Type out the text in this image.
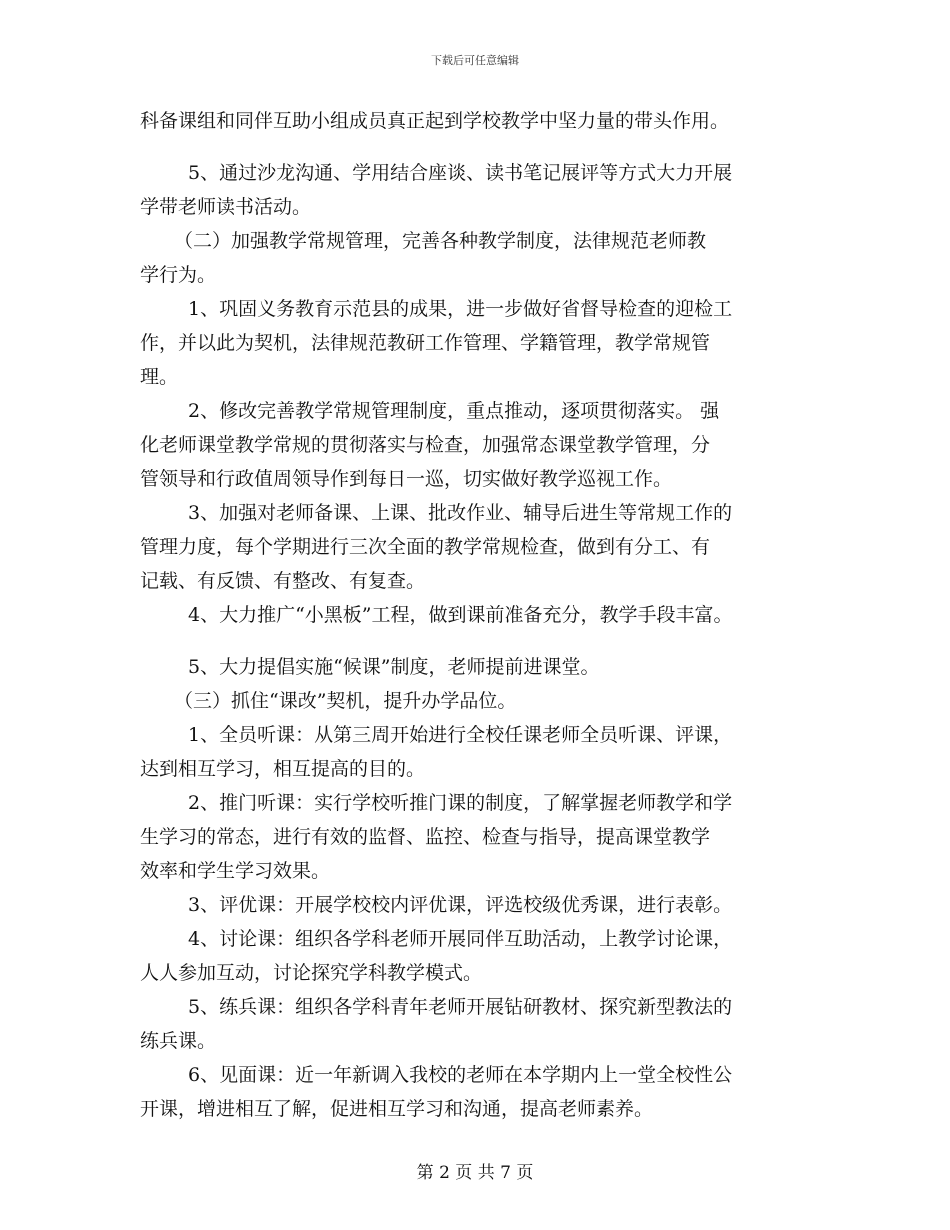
下载后可任意编辑
科备课组和同伴互助小组成员真正起到学校教学中坚力量的带头作用。
5、通过沙龙沟通、学用结合座谈、读书笔记展评等方式大力开展
学带老师读书活动。
（二）加强教学常规管理，完善各种教学制度，法律规范老师教
学行为。
1、巩固义务教育示范县的成果，进一步做好省督导检查的迎检工
作，并以此为契机，法律规范教研工作管理、学籍管理，教学常规管
理。
2、修改完善教学常规管理制度，重点推动，逐项贯彻落实。 强
化老师课堂教学常规的贯彻落实与检查，加强常态课堂教学管理，分
管领导和行政值周领导作到每日一巡，切实做好教学巡视工作。
3、加强对老师备课、上课、批改作业、辅导后进生等常规工作的
管理力度，每个学期进行三次全面的教学常规检查，做到有分工、有
记载、有反馈、有整改、有复查。
4、大力推广“小黑板”工程，做到课前准备充分，教学手段丰富。
5、大力提倡实施“候课”制度，老师提前进课堂。
（三）抓住“课改”契机，提升办学品位。
1、全员听课：从第三周开始进行全校任课老师全员听课、评课，
达到相互学习，相互提高的目的。
2、推门听课：实行学校听推门课的制度，了解掌握老师教学和学
生学习的常态，进行有效的监督、监控、检查与指导，提高课堂教学
效率和学生学习效果。
3、评优课：开展学校校内评优课，评选校级优秀课，进行表彰。
4、讨论课：组织各学科老师开展同伴互助活动，上教学讨论课，
人人参加互动，讨论探究学科教学模式。
5、练兵课：组织各学科青年老师开展钻研教材、探究新型教法的
练兵课。
6、见面课：近一年新调入我校的老师在本学期内上一堂全校性公
开课，增进相互了解，促进相互学习和沟通，提高老师素养。
第 2 页 共 7 页
